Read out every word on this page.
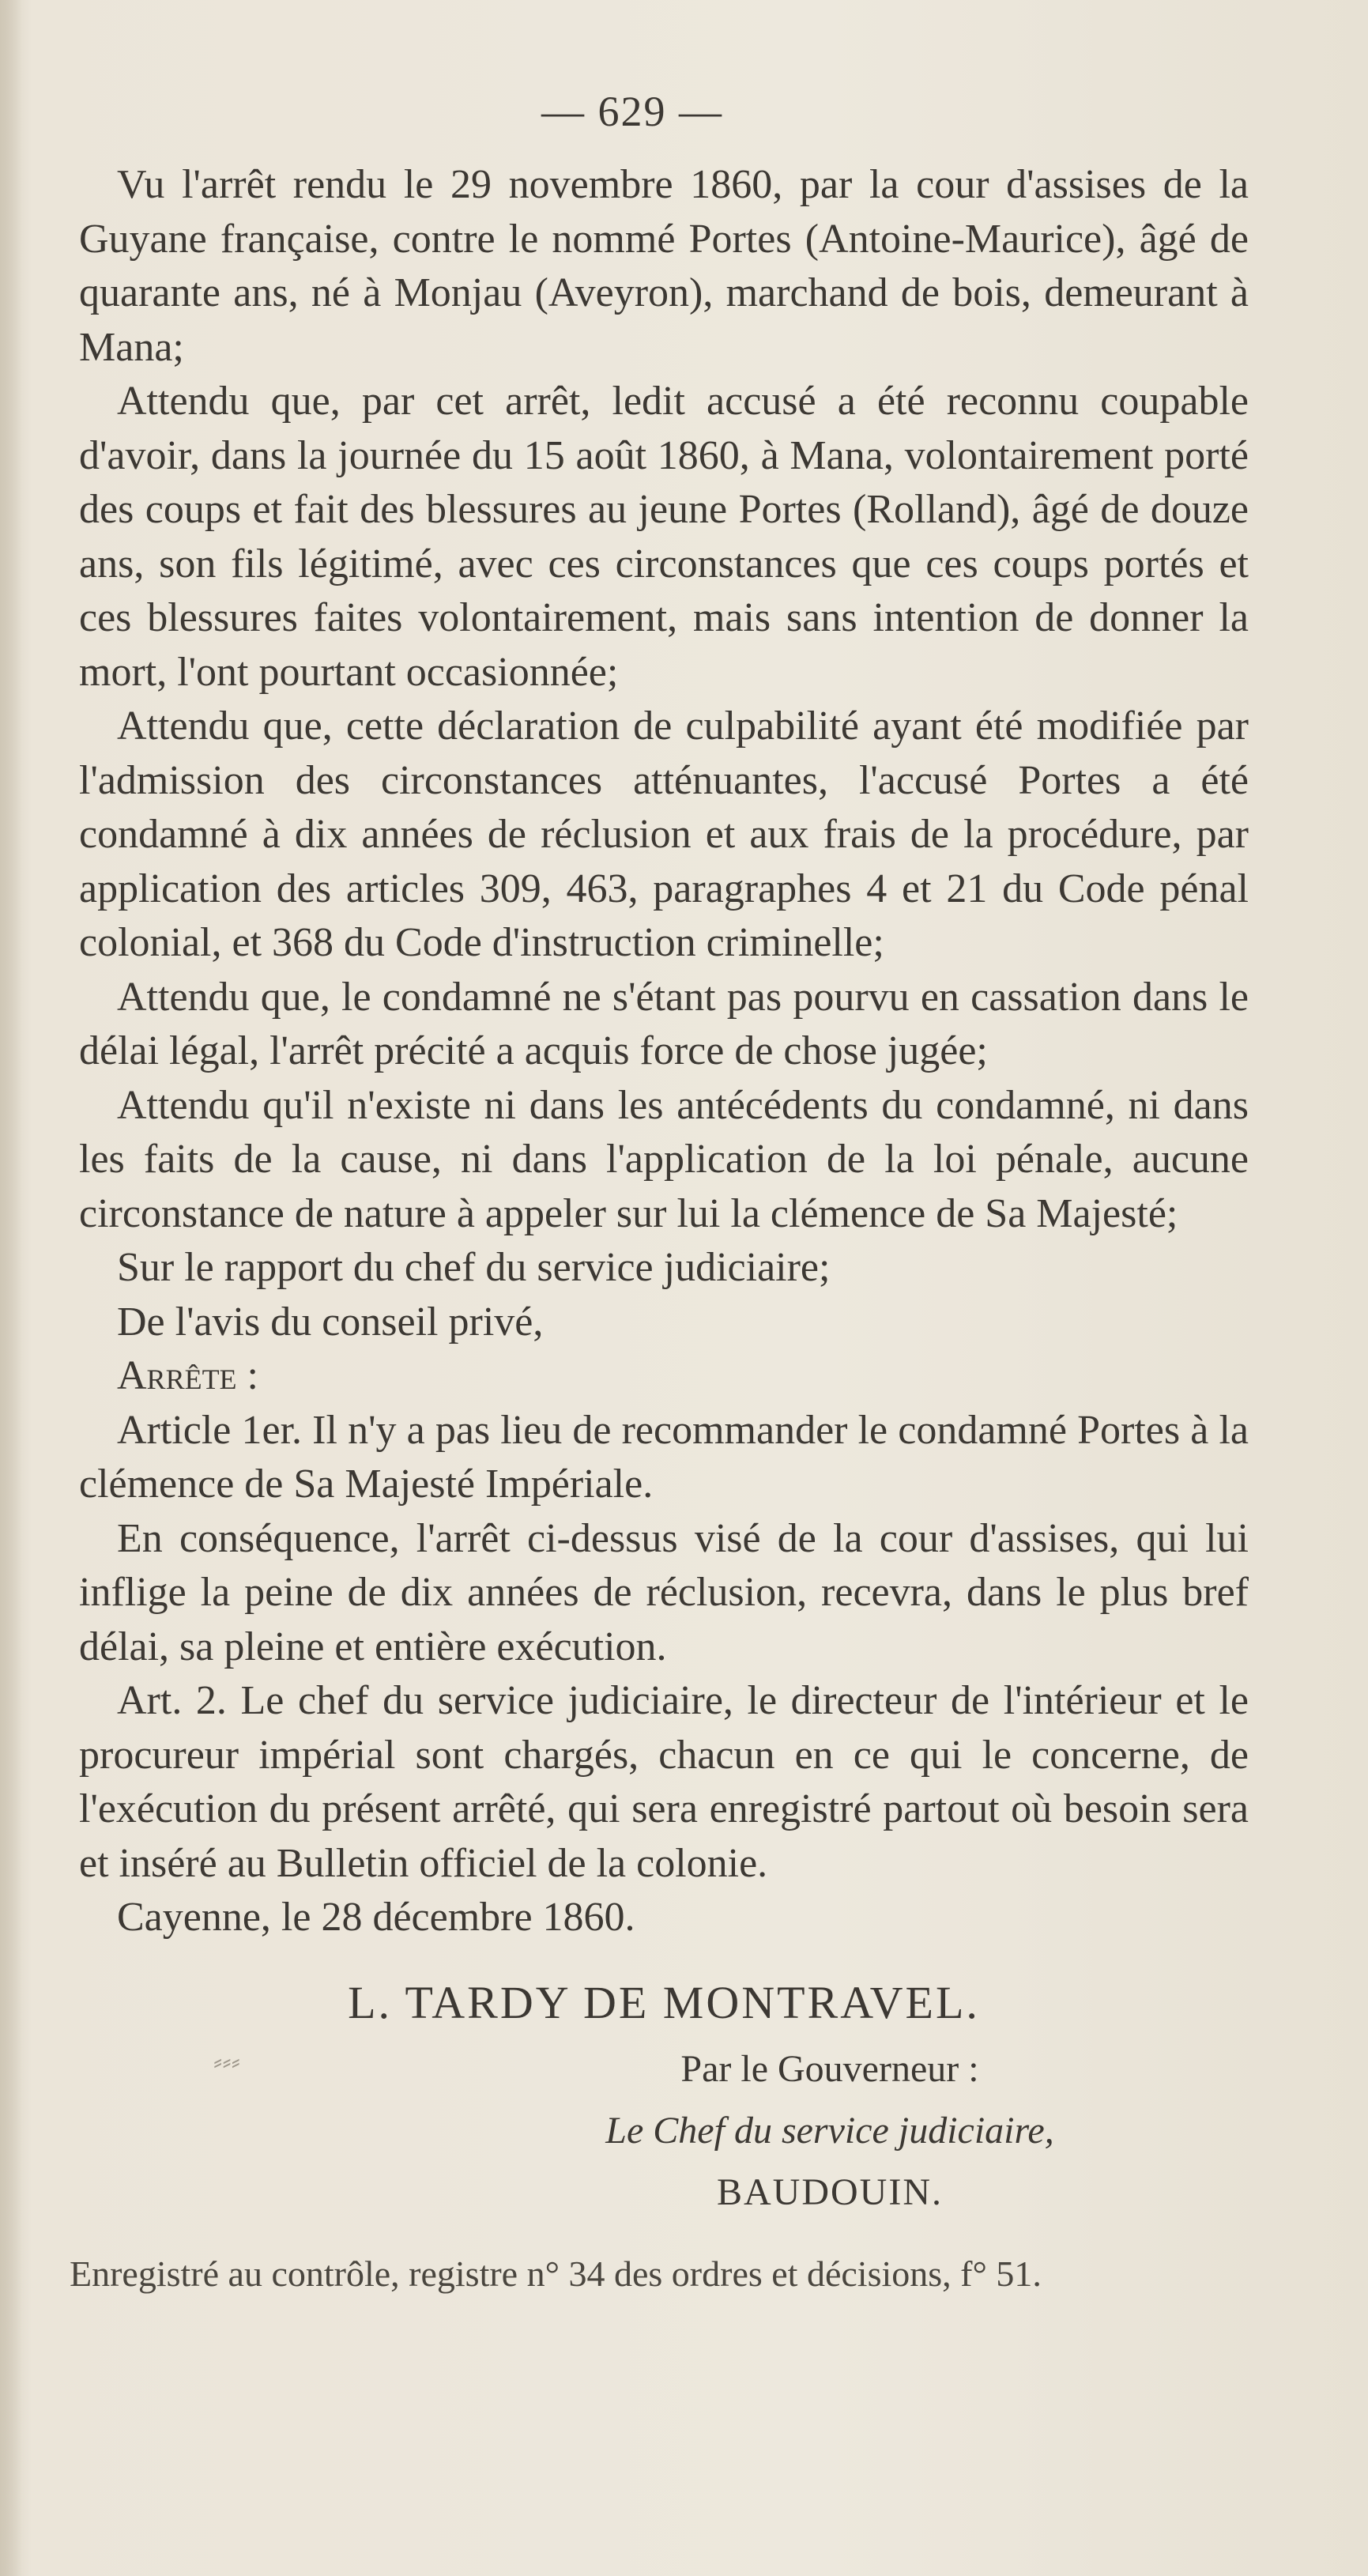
— 629 —

Vu l'arrêt rendu le 29 novembre 1860, par la cour d'assises de la Guyane française, contre le nommé Portes (Antoine-Maurice), âgé de quarante ans, né à Monjau (Aveyron), marchand de bois, demeurant à Mana;

Attendu que, par cet arrêt, ledit accusé a été reconnu coupable d'avoir, dans la journée du 15 août 1860, à Mana, volontairement porté des coups et fait des blessures au jeune Portes (Rolland), âgé de douze ans, son fils légitimé, avec ces circonstances que ces coups portés et ces blessures faites volontairement, mais sans intention de donner la mort, l'ont pourtant occasionnée;

Attendu que, cette déclaration de culpabilité ayant été modifiée par l'admission des circonstances atténuantes, l'accusé Portes a été condamné à dix années de réclusion et aux frais de la procédure, par application des articles 309, 463, paragraphes 4 et 21 du Code pénal colonial, et 368 du Code d'instruction criminelle;

Attendu que, le condamné ne s'étant pas pourvu en cassation dans le délai légal, l'arrêt précité a acquis force de chose jugée;

Attendu qu'il n'existe ni dans les antécédents du condamné, ni dans les faits de la cause, ni dans l'application de la loi pénale, aucune circonstance de nature à appeler sur lui la clémence de Sa Majesté;

Sur le rapport du chef du service judiciaire;

De l'avis du conseil privé,

Arrête :

Article 1er. Il n'y a pas lieu de recommander le condamné Portes à la clémence de Sa Majesté Impériale.

En conséquence, l'arrêt ci-dessus visé de la cour d'assises, qui lui inflige la peine de dix années de réclusion, recevra, dans le plus bref délai, sa pleine et entière exécution.

Art. 2. Le chef du service judiciaire, le directeur de l'intérieur et le procureur impérial sont chargés, chacun en ce qui le concerne, de l'exécution du présent arrêté, qui sera enregistré partout où besoin sera et inséré au Bulletin officiel de la colonie.

Cayenne, le 28 décembre 1860.

L. TARDY DE MONTRAVEL.
⸗⸗⸗	Par le Gouverneur :
Le Chef du service judiciaire,
BAUDOUIN.
Enregistré au contrôle, registre n° 34 des ordres et décisions, f° 51.
